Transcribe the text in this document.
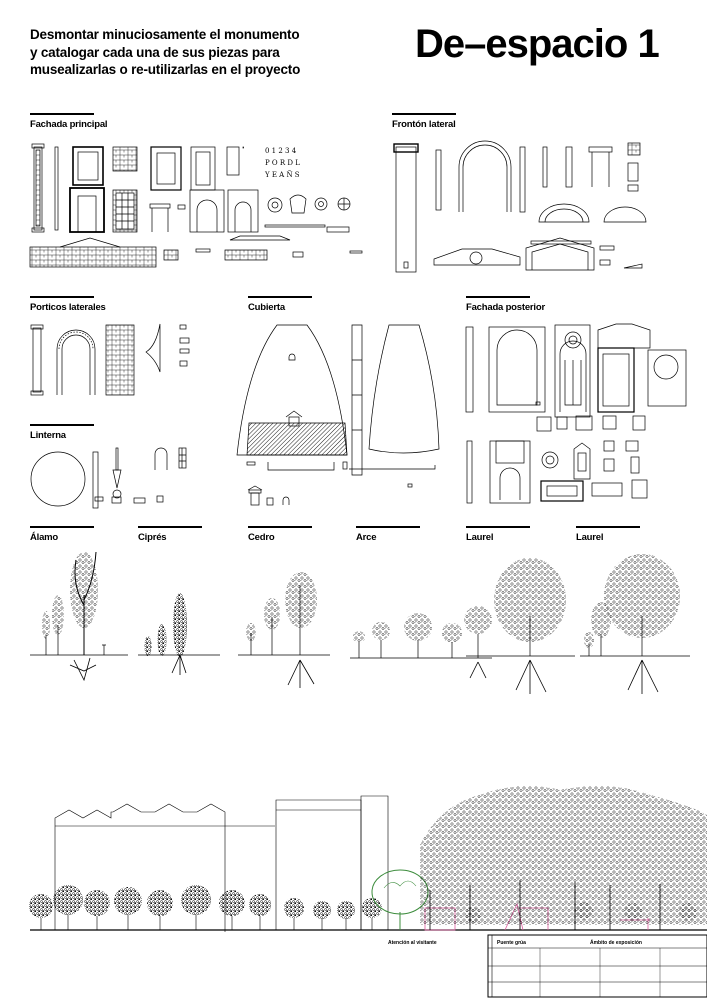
Desmontar minuciosamente el monumento
y catalogar cada una de sus piezas para
musealizarlas o re-utilizarlas en el proyecto
De–espacio 1
Fachada principal	Frontón lateral
Porticos laterales	Cubierta	Fachada posterior
Linterna
Álamo	Ciprés	Cedro	Arce	Laurel	Laurel
0 1 2 3 4
P O R D L
Y E A Ñ S
Atención al visitante	Puente grúa	Ámbito de exposición
